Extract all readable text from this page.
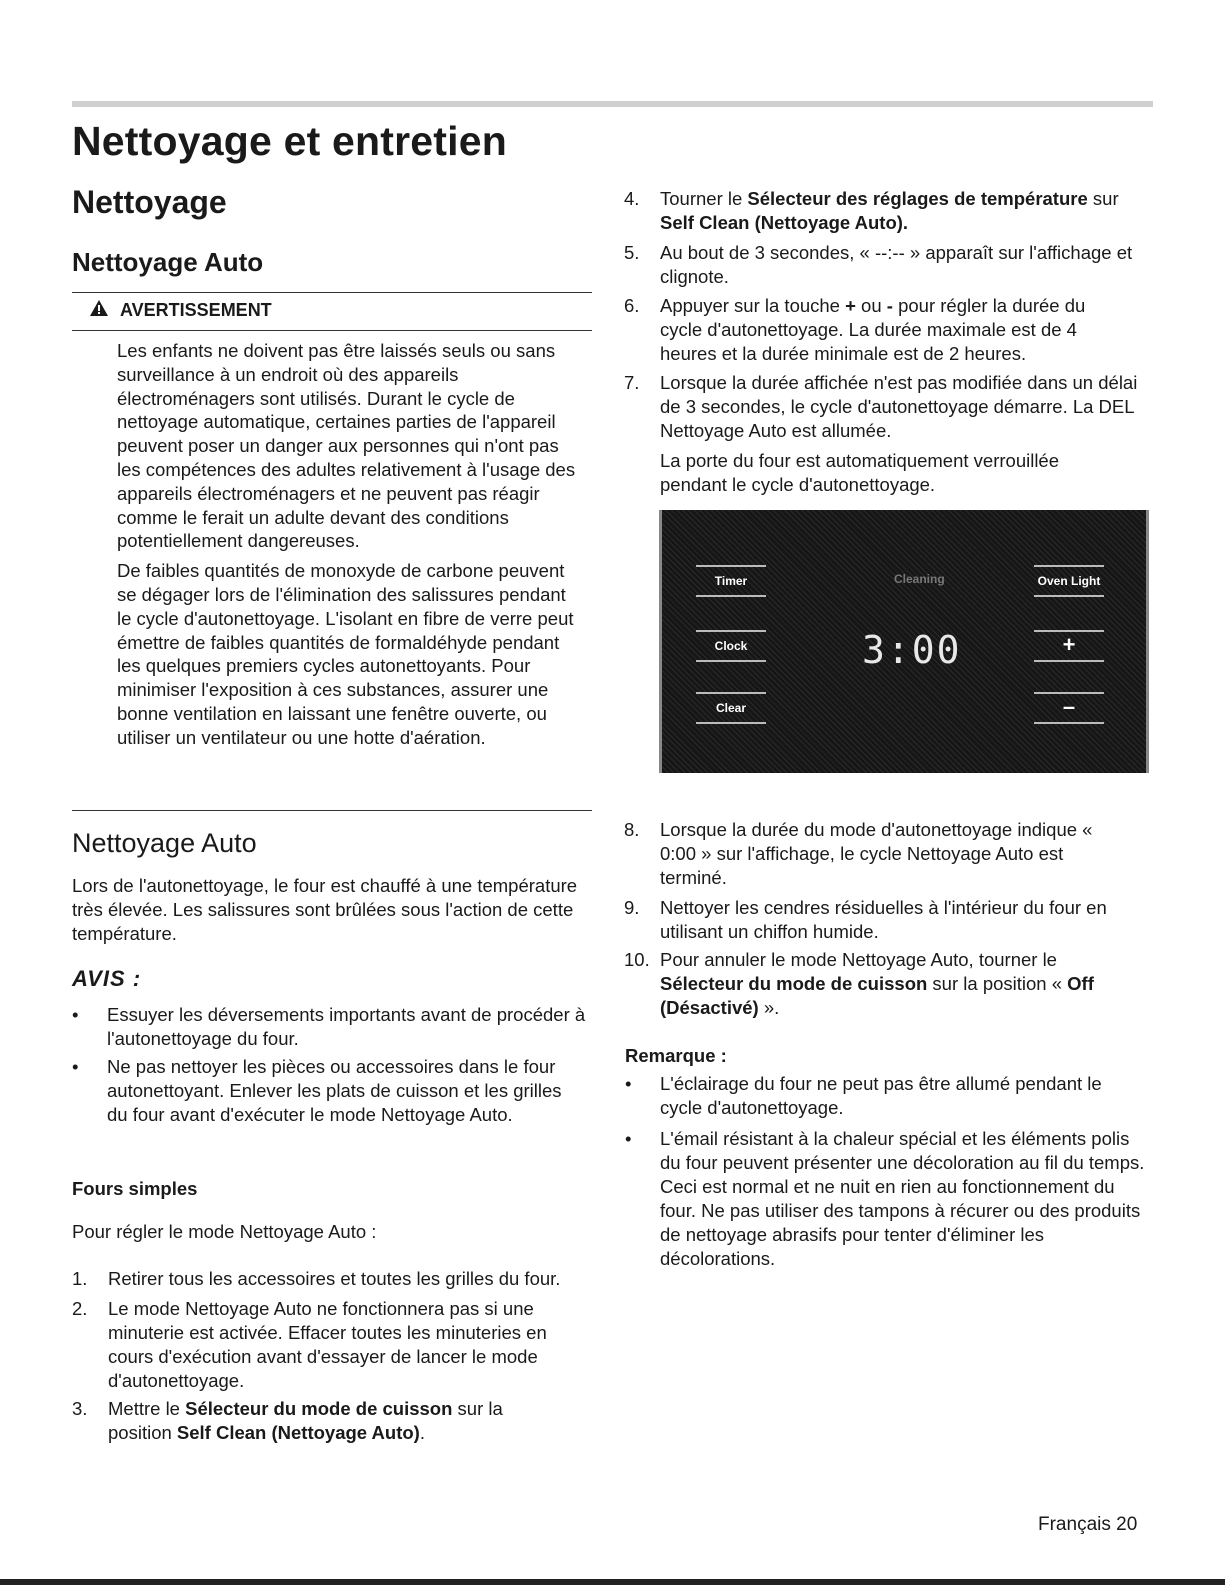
Nettoyage et entretien
Nettoyage
Nettoyage Auto
AVERTISSEMENT

Les enfants ne doivent pas être laissés seuls ou sans surveillance à un endroit où des appareils électroménagers sont utilisés. Durant le cycle de nettoyage automatique, certaines parties de l'appareil peuvent poser un danger aux personnes qui n'ont pas les compétences des adultes relativement à l'usage des appareils électroménagers et ne peuvent pas réagir comme le ferait un adulte devant des conditions potentiellement dangereuses.

De faibles quantités de monoxyde de carbone peuvent se dégager lors de l'élimination des salissures pendant le cycle d'autonettoyage. L'isolant en fibre de verre peut émettre de faibles quantités de formaldéhyde pendant les quelques premiers cycles autonettoyants. Pour minimiser l'exposition à ces substances, assurer une bonne ventilation en laissant une fenêtre ouverte, ou utiliser un ventilateur ou une hotte d'aération.

Nettoyage Auto

Lors de l'autonettoyage, le four est chauffé à une température très élevée. Les salissures sont brûlées sous l'action de cette température.

AVIS :
• Essuyer les déversements importants avant de procéder à l'autonettoyage du four.
• Ne pas nettoyer les pièces ou accessoires dans le four autonettoyant. Enlever les plats de cuisson et les grilles du four avant d'exécuter le mode Nettoyage Auto.
Fours simples

Pour régler le mode Nettoyage Auto :

1. Retirer tous les accessoires et toutes les grilles du four.
2. Le mode Nettoyage Auto ne fonctionnera pas si une minuterie est activée. Effacer toutes les minuteries en cours d'exécution avant d'essayer de lancer le mode d'autonettoyage.
3. Mettre le Sélecteur du mode de cuisson sur la position Self Clean (Nettoyage Auto).
4. Tourner le Sélecteur des réglages de température sur Self Clean (Nettoyage Auto).
5. Au bout de 3 secondes, « --:-- » apparaît sur l'affichage et clignote.
6. Appuyer sur la touche + ou - pour régler la durée du cycle d'autonettoyage. La durée maximale est de 4 heures et la durée minimale est de 2 heures.
7. Lorsque la durée affichée n'est pas modifiée dans un délai de 3 secondes, le cycle d'autonettoyage démarre. La DEL Nettoyage Auto est allumée.

La porte du four est automatiquement verrouillée pendant le cycle d'autonettoyage.

Timer
Clock
Clear
Cleaning
3:00
Oven Light
+
–
8. Lorsque la durée du mode d'autonettoyage indique « 0:00 » sur l'affichage, le cycle Nettoyage Auto est terminé.
9. Nettoyer les cendres résiduelles à l'intérieur du four en utilisant un chiffon humide.
10. Pour annuler le mode Nettoyage Auto, tourner le Sélecteur du mode de cuisson sur la position « Off (Désactivé) ».
Remarque :
• L'éclairage du four ne peut pas être allumé pendant le cycle d'autonettoyage.
• L'émail résistant à la chaleur spécial et les éléments polis du four peuvent présenter une décoloration au fil du temps. Ceci est normal et ne nuit en rien au fonctionnement du four. Ne pas utiliser des tampons à récurer ou des produits de nettoyage abrasifs pour tenter d'éliminer les décolorations.
Français 20
